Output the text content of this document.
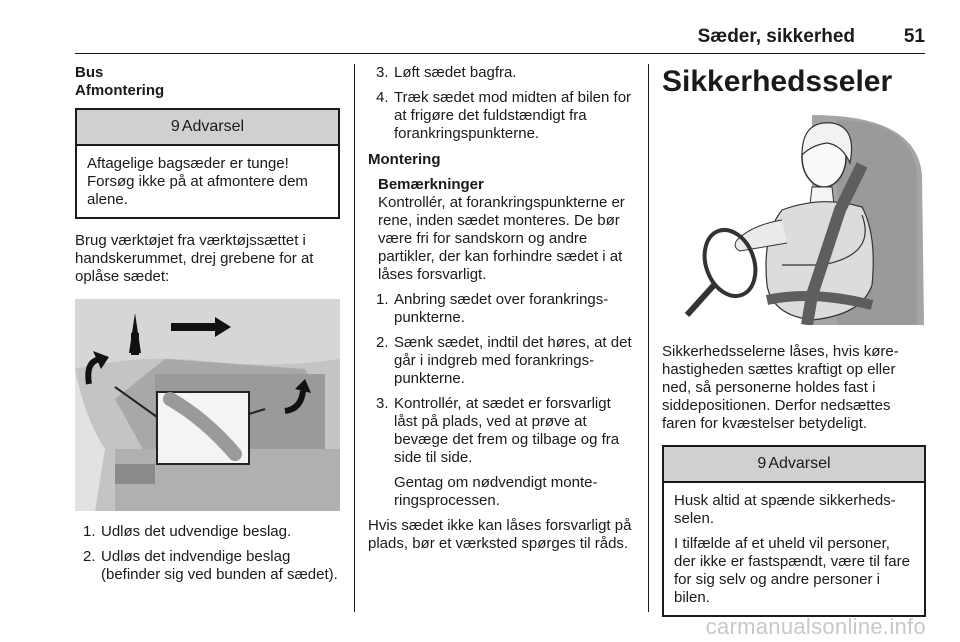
Sæder, sikkerhed	51
Bus
Afmontering
9 Advarsel

Aftagelige bagsæder er tunge! Forsøg ikke på at afmontere dem alene.

Brug værktøjet fra værktøjssættet i handskerummet, drej grebene for at oplåse sædet:

1. Udløs det udvendige beslag.
2. Udløs det indvendige beslag (befinder sig ved bunden af sædet).
3. Løft sædet bagfra.
4. Træk sædet mod midten af bilen for at frigøre det fuldstændigt fra forankringspunkterne.
Montering
Bemærkninger

Kontrollér, at forankringspunkterne er rene, inden sædet monteres. De bør være fri for sandskorn og andre partikler, der kan forhindre sædet i at låses forsvarligt.

1. Anbring sædet over forankringspunkterne.
2. Sænk sædet, indtil det høres, at det går i indgreb med forankringspunkterne.
3. Kontrollér, at sædet er forsvarligt låst på plads, ved at prøve at bevæge det frem og tilbage og fra side til side.
Gentag om nødvendigt monteringsprocessen.

Hvis sædet ikke kan låses forsvarligt på plads, bør et værksted spørges til råds.

Sikkerhedsseler

Sikkerhedsselerne låses, hvis kørehastigheden sættes kraftigt op eller ned, så personerne holdes fast i siddepositionen. Derfor nedsættes faren for kvæstelser betydeligt.

9 Advarsel

Husk altid at spænde sikkerhedsselen.

I tilfælde af et uheld vil personer, der ikke er fastspændt, være til fare for sig selv og andre personer i bilen.

carmanualsonline.info
